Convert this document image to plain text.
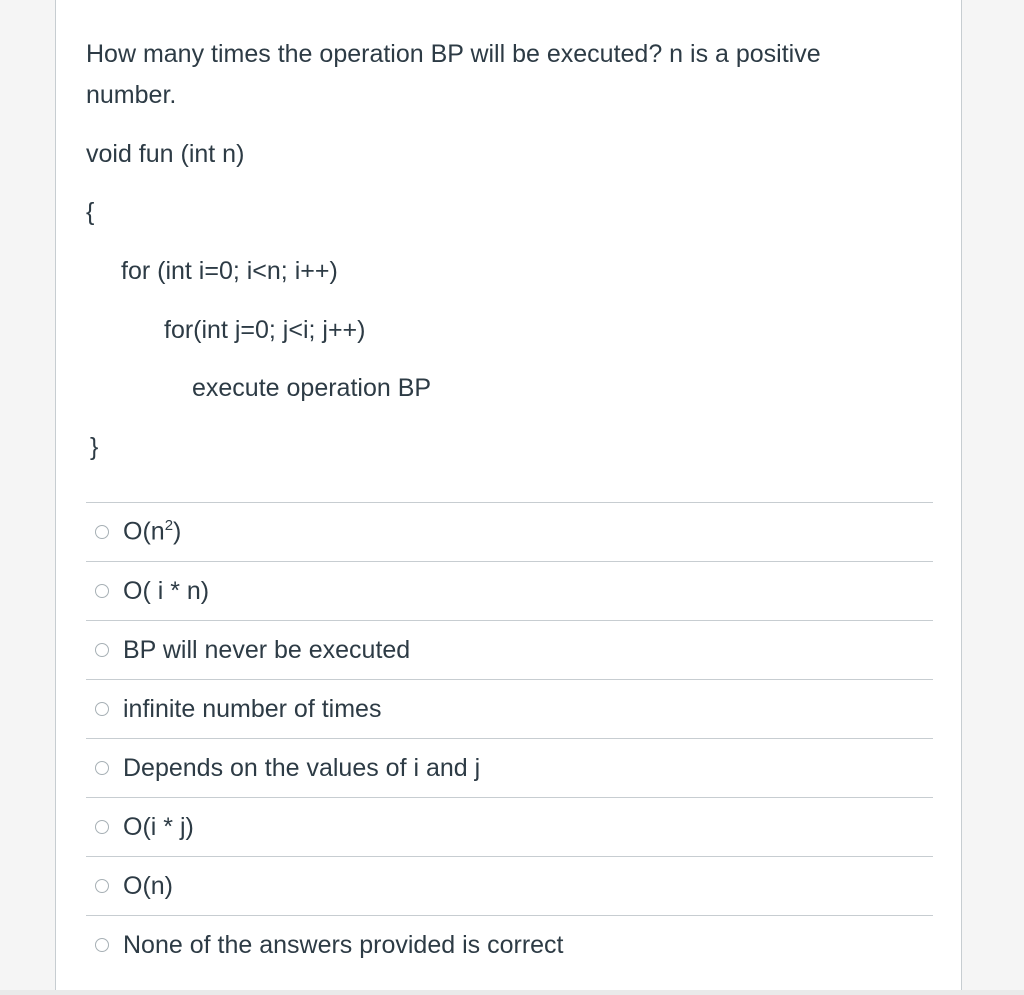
How many times the operation BP will be executed? n is a positive number.
void fun (int n)
{
for (int i=0; i<n; i++)
for(int j=0; j<i; j++)
execute operation BP
}
$O(n^2)$
O( i * n)
BP will never be executed
infinite number of times
Depends on the values of i and j
O(i * j)
O(n)
None of the answers provided is correct
